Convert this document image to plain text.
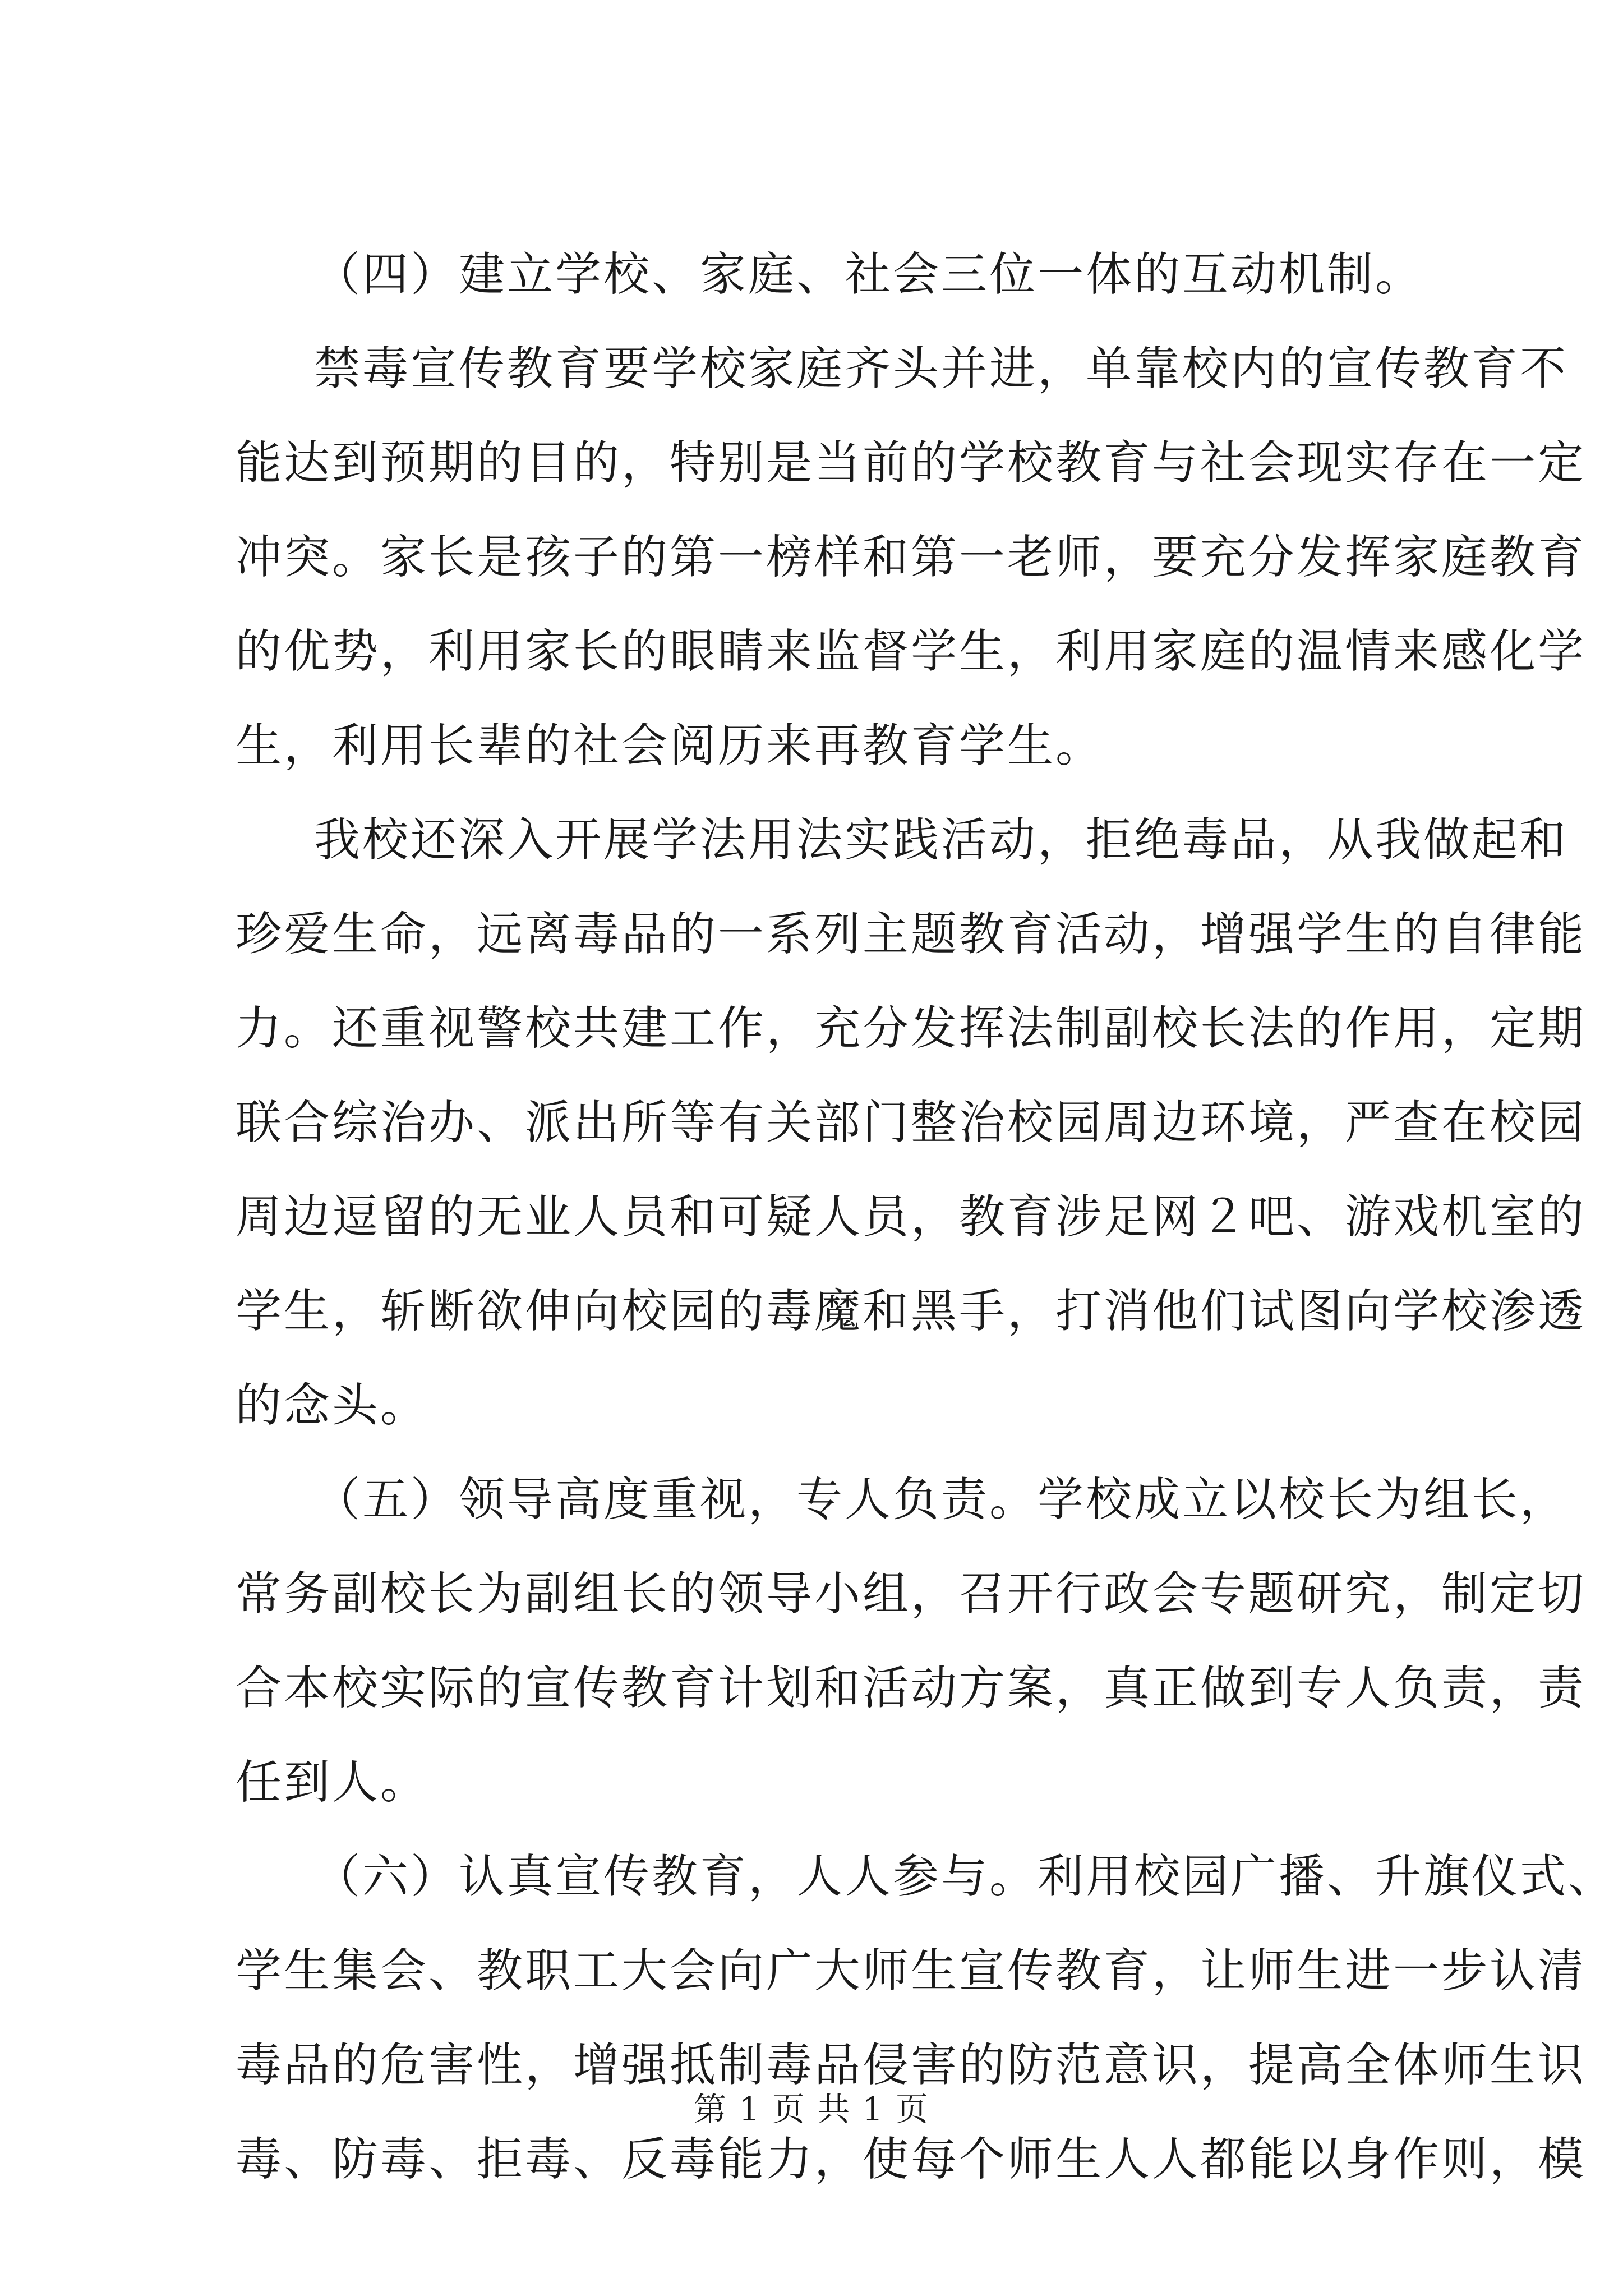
（四）建立学校、家庭、社会三位一体的互动机制。
禁毒宣传教育要学校家庭齐头并进，单靠校内的宣传教育不
能达到预期的目的，特别是当前的学校教育与社会现实存在一定
冲突。家长是孩子的第一榜样和第一老师，要充分发挥家庭教育
的优势，利用家长的眼睛来监督学生，利用家庭的温情来感化学
生，利用长辈的社会阅历来再教育学生。
我校还深入开展学法用法实践活动，拒绝毒品，从我做起和
珍爱生命，远离毒品的一系列主题教育活动，增强学生的自律能
力。还重视警校共建工作，充分发挥法制副校长法的作用，定期
联合综治办、派出所等有关部门整治校园周边环境，严查在校园
周边逗留的无业人员和可疑人员，教育涉足网２吧、游戏机室的
学生，斩断欲伸向校园的毒魔和黑手，打消他们试图向学校渗透
的念头。
（五）领导高度重视，专人负责。学校成立以校长为组长，
常务副校长为副组长的领导小组，召开行政会专题研究，制定切
合本校实际的宣传教育计划和活动方案，真正做到专人负责，责
任到人。
（六）认真宣传教育，人人参与。利用校园广播、升旗仪式、
学生集会、教职工大会向广大师生宣传教育，让师生进一步认清
毒品的危害性，增强抵制毒品侵害的防范意识，提高全体师生识
毒、防毒、拒毒、反毒能力，使每个师生人人都能以身作则，模
第 1 页 共 1 页
